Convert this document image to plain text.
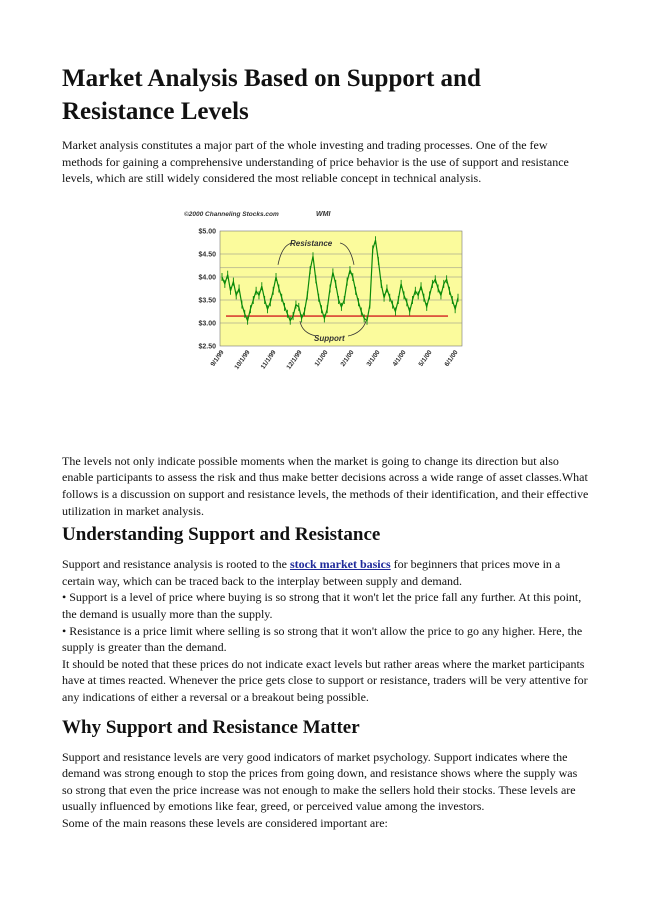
Market Analysis Based on Support and Resistance Levels

Market analysis constitutes a major part of the whole investing and trading processes. One of the few methods for gaining a comprehensive understanding of price behavior is the use of support and resistance levels, which are still widely considered the most reliable concept in technical analysis.

©2000 Channeling Stocks.com	WMI
$5.00
$4.50
$4.00
$3.50
$3.00
$2.50
9/1/99 10/1/99 11/1/99 12/1/99 1/1/00 2/1/00 3/1/00 4/1/00 5/1/00 6/1/00
Resistance
Support

The levels not only indicate possible moments when the market is going to change its direction but also enable participants to assess the risk and thus make better decisions across a wide range of asset classes.What follows is a discussion on support and resistance levels, the methods of their identification, and their effective utilization in market analysis.

Understanding Support and Resistance

Support and resistance analysis is rooted to the stock market basics for beginners that prices move in a certain way, which can be traced back to the interplay between supply and demand.

• Support is a level of price where buying is so strong that it won't let the price fall any further. At this point, the demand is usually more than the supply.

• Resistance is a price limit where selling is so strong that it won't allow the price to go any higher. Here, the supply is greater than the demand.

It should be noted that these prices do not indicate exact levels but rather areas where the market participants have at times reacted. Whenever the price gets close to support or resistance, traders will be very attentive for any indications of either a reversal or a breakout being possible.

Why Support and Resistance Matter

Support and resistance levels are very good indicators of market psychology. Support indicates where the demand was strong enough to stop the prices from going down, and resistance shows where the supply was so strong that even the price increase was not enough to make the sellers hold their stocks. These levels are usually influenced by emotions like fear, greed, or perceived value among the investors.

Some of the main reasons these levels are considered important are:
